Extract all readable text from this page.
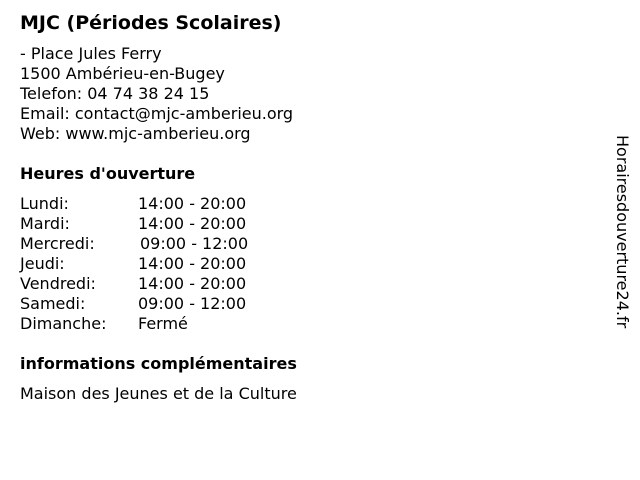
MJC (Périodes Scolaires)
- Place Jules Ferry
1500 Ambérieu-en-Bugey
Telefon: 04 74 38 24 15
Email: contact@mjc-amberieu.org
Web: www.mjc-amberieu.org
Heures d'ouverture
Lundi:	14:00 - 20:00
Mardi:	14:00 - 20:00
Mercredi:	09:00 - 12:00
Jeudi:	14:00 - 20:00
Vendredi:	14:00 - 20:00
Samedi:	09:00 - 12:00
Dimanche: Fermé
informations complémentaires
Maison des Jeunes et de la Culture
Horairesdouverture24.fr
